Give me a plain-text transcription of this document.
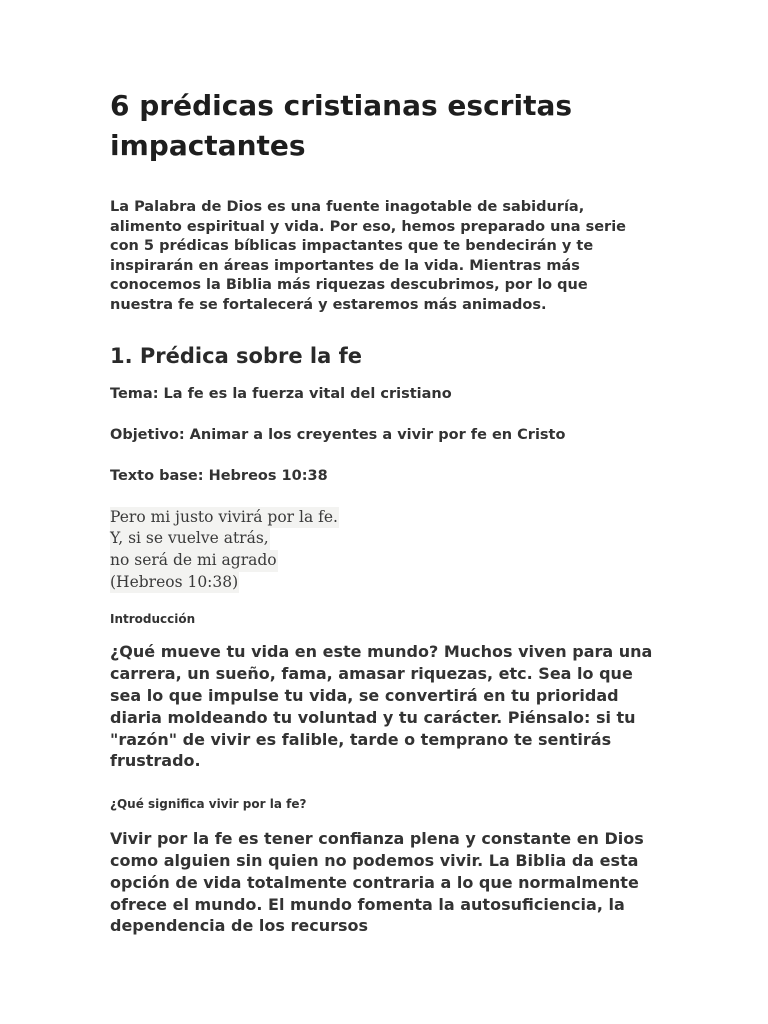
6 prédicas cristianas escritas impactantes

La Palabra de Dios es una fuente inagotable de sabiduría, alimento espiritual y vida. Por eso, hemos preparado una serie con 5 prédicas bíblicas impactantes que te bendecirán y te inspirarán en áreas importantes de la vida. Mientras más conocemos la Biblia más riquezas descubrimos, por lo que nuestra fe se fortalecerá y estaremos más animados.

1. Prédica sobre la fe

Tema: La fe es la fuerza vital del cristiano

Objetivo: Animar a los creyentes a vivir por fe en Cristo

Texto base: Hebreos 10:38

Pero mi justo vivirá por la fe.
Y, si se vuelve atrás,
no será de mi agrado
(Hebreos 10:38)
Introducción

¿Qué mueve tu vida en este mundo? Muchos viven para una carrera, un sueño, fama, amasar riquezas, etc. Sea lo que sea lo que impulse tu vida, se convertirá en tu prioridad diaria moldeando tu voluntad y tu carácter. Piénsalo: si tu "razón" de vivir es falible, tarde o temprano te sentirás frustrado.

¿Qué significa vivir por la fe?

Vivir por la fe es tener confianza plena y constante en Dios como alguien sin quien no podemos vivir. La Biblia da esta opción de vida totalmente contraria a lo que normalmente ofrece el mundo. El mundo fomenta la autosuficiencia, la dependencia de los recursos
